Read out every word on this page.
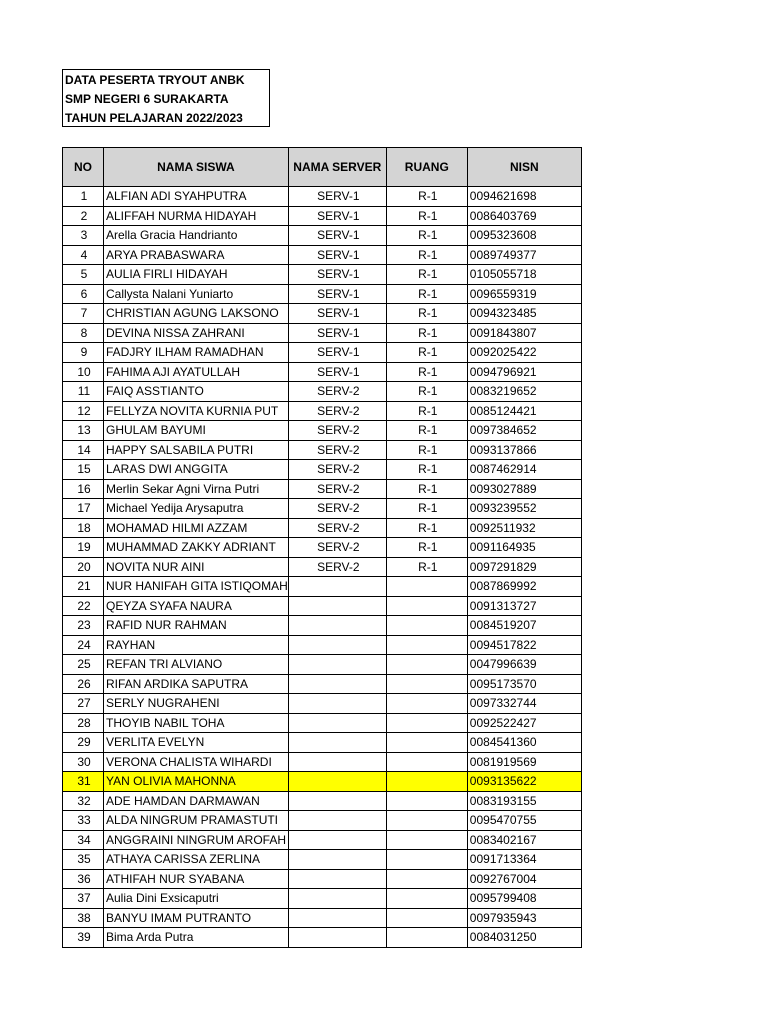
DATA PESERTA TRYOUT ANBK
SMP NEGERI 6 SURAKARTA
TAHUN PELAJARAN 2022/2023
NO	NAMA SISWA	NAMA SERVER	RUANG	NISN
1	ALFIAN ADI SYAHPUTRA	SERV-1	R-1	0094621698
2	ALIFFAH NURMA HIDAYAH	SERV-1	R-1	0086403769
3	Arella Gracia Handrianto	SERV-1	R-1	0095323608
4	ARYA PRABASWARA	SERV-1	R-1	0089749377
5	AULIA FIRLI HIDAYAH	SERV-1	R-1	0105055718
6	Callysta Nalani Yuniarto	SERV-1	R-1	0096559319
7	CHRISTIAN AGUNG LAKSONO	SERV-1	R-1	0094323485
8	DEVINA NISSA ZAHRANI	SERV-1	R-1	0091843807
9	FADJRY ILHAM RAMADHAN	SERV-1	R-1	0092025422
10	FAHIMA AJI AYATULLAH	SERV-1	R-1	0094796921
11	FAIQ ASSTIANTO	SERV-2	R-1	0083219652
12	FELLYZA NOVITA KURNIA PUT	SERV-2	R-1	0085124421
13	GHULAM BAYUMI	SERV-2	R-1	0097384652
14	HAPPY SALSABILA PUTRI	SERV-2	R-1	0093137866
15	LARAS DWI ANGGITA	SERV-2	R-1	0087462914
16	Merlin Sekar Agni Virna Putri	SERV-2	R-1	0093027889
17	Michael Yedija Arysaputra	SERV-2	R-1	0093239552
18	MOHAMAD HILMI AZZAM	SERV-2	R-1	0092511932
19	MUHAMMAD ZAKKY ADRIANT	SERV-2	R-1	0091164935
20	NOVITA NUR AINI	SERV-2	R-1	0097291829
21	NUR HANIFAH GITA ISTIQOMAH			0087869992
22	QEYZA SYAFA NAURA			0091313727
23	RAFID NUR RAHMAN			0084519207
24	RAYHAN			0094517822
25	REFAN TRI ALVIANO			0047996639
26	RIFAN ARDIKA SAPUTRA			0095173570
27	SERLY NUGRAHENI			0097332744
28	THOYIB NABIL TOHA			0092522427
29	VERLITA EVELYN			0084541360
30	VERONA CHALISTA WIHARDI			0081919569
31	YAN OLIVIA MAHONNA			0093135622
32	ADE HAMDAN DARMAWAN			0083193155
33	ALDA NINGRUM PRAMASTUTI			0095470755
34	ANGGRAINI NINGRUM AROFAH			0083402167
35	ATHAYA CARISSA ZERLINA			0091713364
36	ATHIFAH NUR SYABANA			0092767004
37	Aulia Dini Exsicaputri			0095799408
38	BANYU IMAM PUTRANTO			0097935943
39	Bima Arda Putra			0084031250
